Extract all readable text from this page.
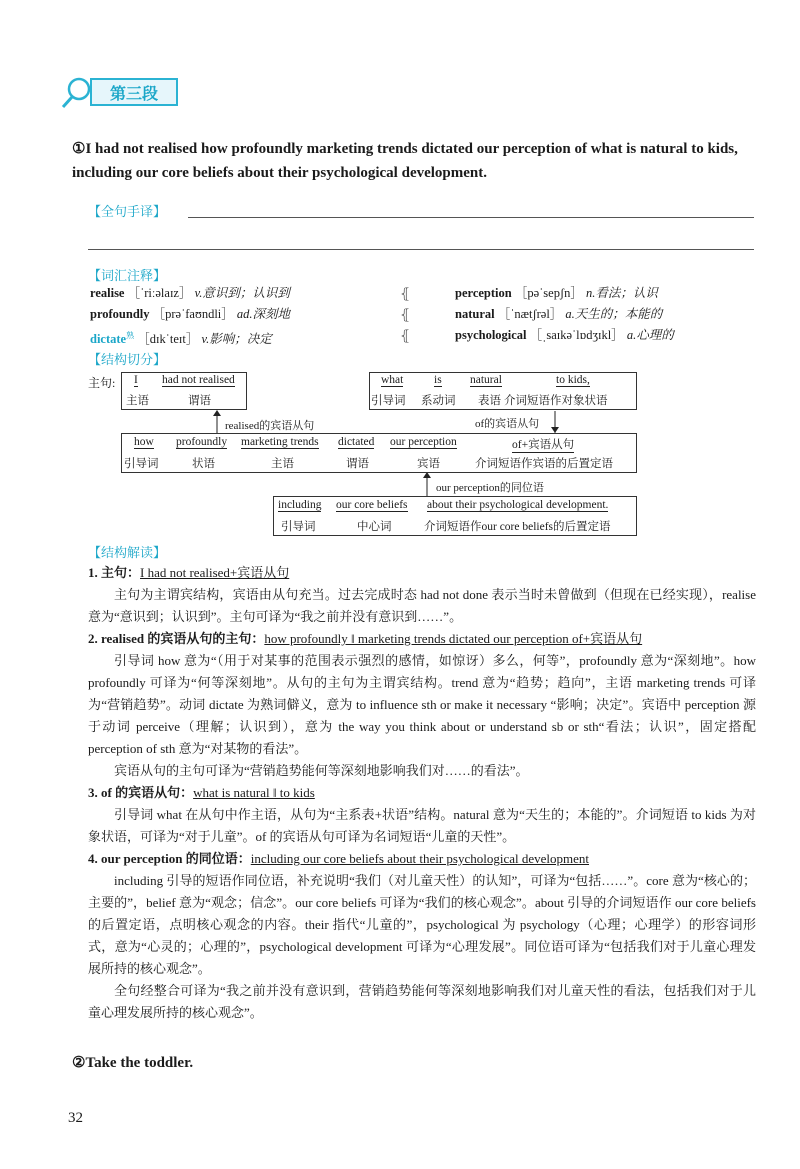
第三段
①I had not realised how profoundly marketing trends dictated our perception of what is natural to kids, including our core beliefs about their psychological development.
【全句手译】
【词汇注释】
realise ［ˈriːəlaɪz］ v.意识到；认识到
profoundly ［prəˈfaʊndli］ ad.深刻地
dictate$^熟$ ［dɪkˈteɪt］ v.影响；决定
⦃
⦃
⦃
perception ［pəˈsepʃn］ n.看法；认识
natural ［ˈnætʃrəl］ a.天生的；本能的
psychological ［ˌsaɪkəˈlɒdʒɪkl］ a.心理的
【结构切分】
主句: I
主语
had not realised
谓语
what
引导词
is
系动词
natural
表语
to kids,
介词短语作对象状语
realised的宾语从句	of的宾语从句
how
引导词
profoundly
状语
marketing trends
主语
dictated
谓语
our perception
宾语
of+宾语从句
介词短语作宾语的后置定语
our perception的同位语
including
引导词
our core beliefs
中心词
about their psychological development.
介词短语作our core beliefs的后置定语
【结构解读】

1. 主句：I had not realised+宾语从句

主句为主谓宾结构，宾语由从句充当。过去完成时态 had not done 表示当时未曾做到（但现在已经实现），realise 意为“意识到；认识到”。主句可译为“我之前并没有意识到……”。

2. realised 的宾语从句的主句：how profoundly ‖ marketing trends dictated our perception of+宾语从句

引导词 how 意为“（用于对某事的范围表示强烈的感情，如惊讶）多么，何等”，profoundly 意为“深刻地”。how profoundly 可译为“何等深刻地”。从句的主句为主谓宾结构。trend 意为“趋势；趋向”，主语 marketing trends 可译为“营销趋势”。动词 dictate 为熟词僻义，意为 to influence sth or make it necessary “影响；决定”。宾语中 perception 源于动词 perceive（理解；认识到），意为 the way you think about or understand sb or sth“看法；认识”，固定搭配 perception of sth 意为“对某物的看法”。

宾语从句的主句可译为“营销趋势能何等深刻地影响我们对……的看法”。

3. of 的宾语从句：what is natural ‖ to kids

引导词 what 在从句中作主语，从句为“主系表+状语”结构。natural 意为“天生的；本能的”。介词短语 to kids 为对象状语，可译为“对于儿童”。of 的宾语从句可译为名词短语“儿童的天性”。

4. our perception 的同位语：including our core beliefs about their psychological development

including 引导的短语作同位语，补充说明“我们（对儿童天性）的认知”，可译为“包括……”。core 意为“核心的；主要的”，belief 意为“观念；信念”。our core beliefs 可译为“我们的核心观念”。about 引导的介词短语作 our core beliefs 的后置定语，点明核心观念的内容。their 指代“儿童的”，psychological 为 psychology（心理；心理学）的形容词形式，意为“心灵的；心理的”，psychological development 可译为“心理发展”。同位语可译为“包括我们对于儿童心理发展所持的核心观念”。

全句经整合可译为“我之前并没有意识到，营销趋势能何等深刻地影响我们对儿童天性的看法，包括我们对于儿童心理发展所持的核心观念”。

②Take the toddler.
32
